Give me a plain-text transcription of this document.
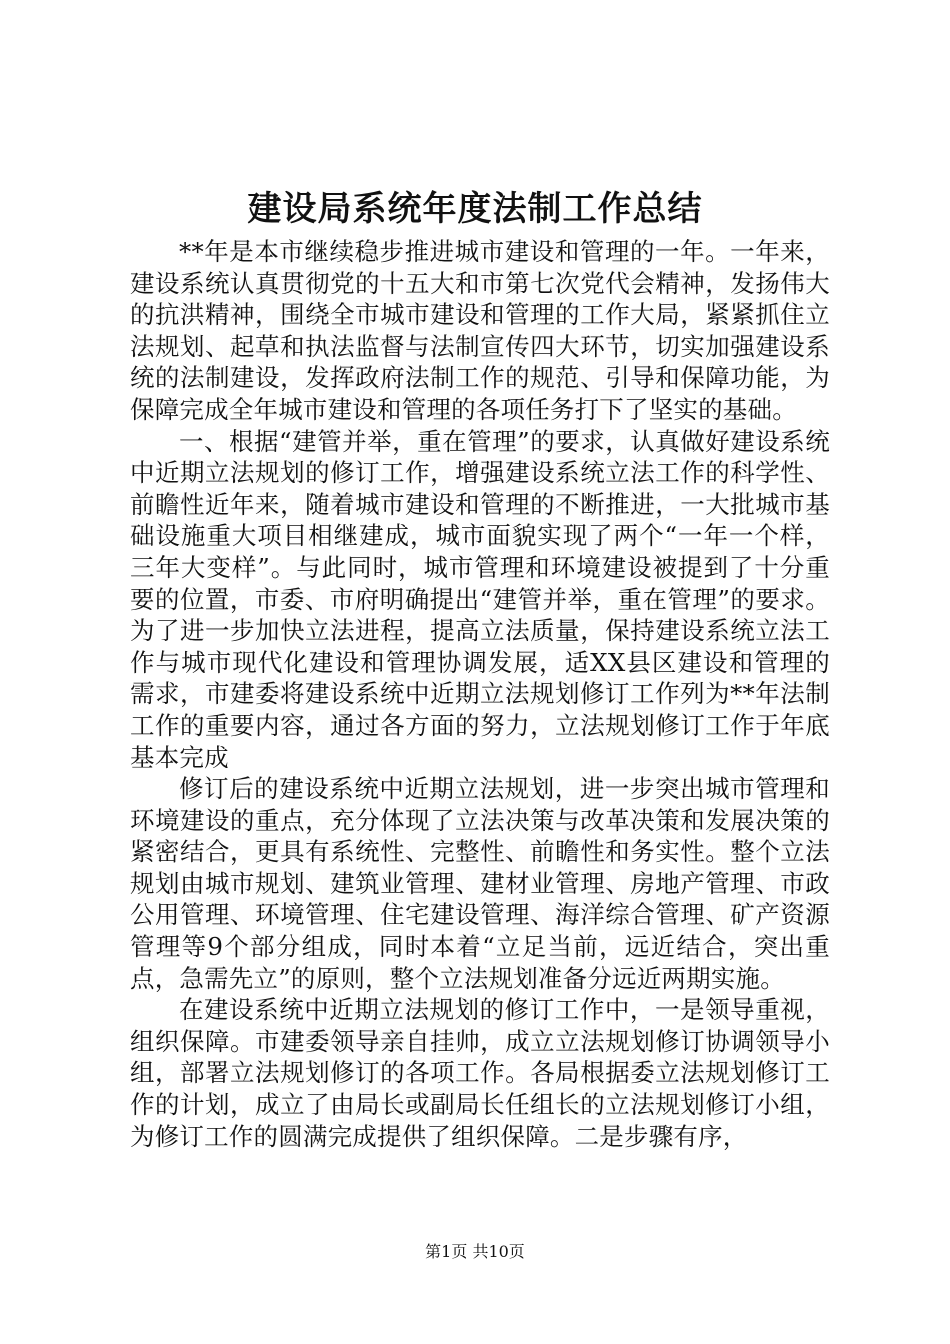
建设局系统年度法制工作总结

**年是本市继续稳步推进城市建设和管理的一年。一年来，建设系统认真贯彻党的十五大和市第七次党代会精神，发扬伟大的抗洪精神，围绕全市城市建设和管理的工作大局，紧紧抓住立法规划、起草和执法监督与法制宣传四大环节，切实加强建设系统的法制建设，发挥政府法制工作的规范、引导和保障功能，为保障完成全年城市建设和管理的各项任务打下了坚实的基础。

一、根据“建管并举，重在管理”的要求，认真做好建设系统中近期立法规划的修订工作，增强建设系统立法工作的科学性、前瞻性近年来，随着城市建设和管理的不断推进，一大批城市基础设施重大项目相继建成，城市面貌实现了两个“一年一个样，三年大变样”。与此同时，城市管理和环境建设被提到了十分重要的位置，市委、市府明确提出“建管并举，重在管理”的要求。为了进一步加快立法进程，提高立法质量，保持建设系统立法工作与城市现代化建设和管理协调发展，适XX县区建设和管理的需求，市建委将建设系统中近期立法规划修订工作列为**年法制工作的重要内容，通过各方面的努力，立法规划修订工作于年底基本完成

修订后的建设系统中近期立法规划，进一步突出城市管理和环境建设的重点，充分体现了立法决策与改革决策和发展决策的紧密结合，更具有系统性、完整性、前瞻性和务实性。整个立法规划由城市规划、建筑业管理、建材业管理、房地产管理、市政公用管理、环境管理、住宅建设管理、海洋综合管理、矿产资源管理等9个部分组成，同时本着“立足当前，远近结合，突出重点，急需先立”的原则，整个立法规划准备分远近两期实施。

在建设系统中近期立法规划的修订工作中，一是领导重视，组织保障。市建委领导亲自挂帅，成立立法规划修订协调领导小组，部署立法规划修订的各项工作。各局根据委立法规划修订工作的计划，成立了由局长或副局长任组长的立法规划修订小组，为修订工作的圆满完成提供了组织保障。二是步骤有序，

第1页 共10页
